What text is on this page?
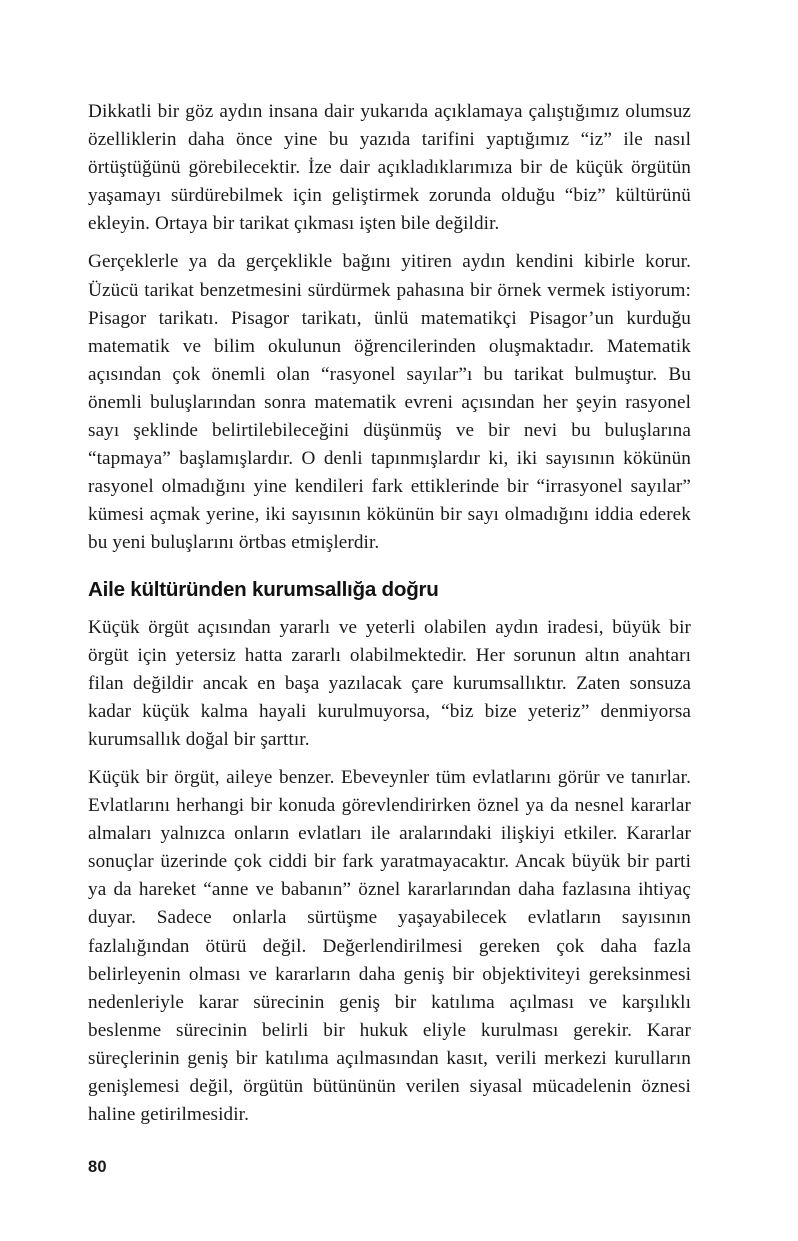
Dikkatli bir göz aydın insana dair yukarıda açıklamaya çalıştığımız olumsuz özelliklerin daha önce yine bu yazıda tarifini yaptığımız “iz” ile nasıl örtüştüğünü görebilecektir. İze dair açıkladıklarımıza bir de küçük örgütün yaşamayı sürdürebilmek için geliştirmek zorunda olduğu “biz” kültürünü ekleyin. Ortaya bir tarikat çıkması işten bile değildir.

Gerçeklerle ya da gerçeklikle bağını yitiren aydın kendini kibirle korur. Üzücü tarikat benzetmesini sürdürmek pahasına bir örnek vermek istiyorum: Pisagor tarikatı. Pisagor tarikatı, ünlü matematikçi Pisagor’un kurduğu matematik ve bilim okulunun öğrencilerinden oluşmaktadır. Matematik açısından çok önemli olan “rasyonel sayılar”ı bu tarikat bulmuştur. Bu önemli buluşlarından sonra matematik evreni açısından her şeyin rasyonel sayı şeklinde belirtilebileceğini düşünmüş ve bir nevi bu buluşlarına “tapmaya” başlamışlardır. O denli tapınmışlardır ki, iki sayısının kökünün rasyonel olmadığını yine kendileri fark ettiklerinde bir “irrasyonel sayılar” kümesi açmak yerine, iki sayısının kökünün bir sayı olmadığını iddia ederek bu yeni buluşlarını örtbas etmişlerdir.

Aile kültüründen kurumsallığa doğru

Küçük örgüt açısından yararlı ve yeterli olabilen aydın iradesi, büyük bir örgüt için yetersiz hatta zararlı olabilmektedir. Her sorunun altın anahtarı filan değildir ancak en başa yazılacak çare kurumsallıktır. Zaten sonsuza kadar küçük kalma hayali kurulmuyorsa, “biz bize yeteriz” denmiyorsa kurumsallık doğal bir şarttır.

Küçük bir örgüt, aileye benzer. Ebeveynler tüm evlatlarını görür ve tanırlar. Evlatlarını herhangi bir konuda görevlendirirken öznel ya da nesnel kararlar almaları yalnızca onların evlatları ile aralarındaki ilişkiyi etkiler. Kararlar sonuçlar üzerinde çok ciddi bir fark yaratmayacaktır. Ancak büyük bir parti ya da hareket “anne ve babanın” öznel kararlarından daha fazlasına ihtiyaç duyar. Sadece onlarla sürtüşme yaşayabilecek evlatların sayısının fazlalığından ötürü değil. Değerlendirilmesi gereken çok daha fazla belirleyenin olması ve kararların daha geniş bir objektiviteyi gereksinmesi nedenleriyle karar sürecinin geniş bir katılıma açılması ve karşılıklı beslenme sürecinin belirli bir hukuk eliyle kurulması gerekir. Karar süreçlerinin geniş bir katılıma açılmasından kasıt, verili merkezi kurulların genişlemesi değil, örgütün bütününün verilen siyasal mücadelenin öznesi haline getirilmesidir.

80
